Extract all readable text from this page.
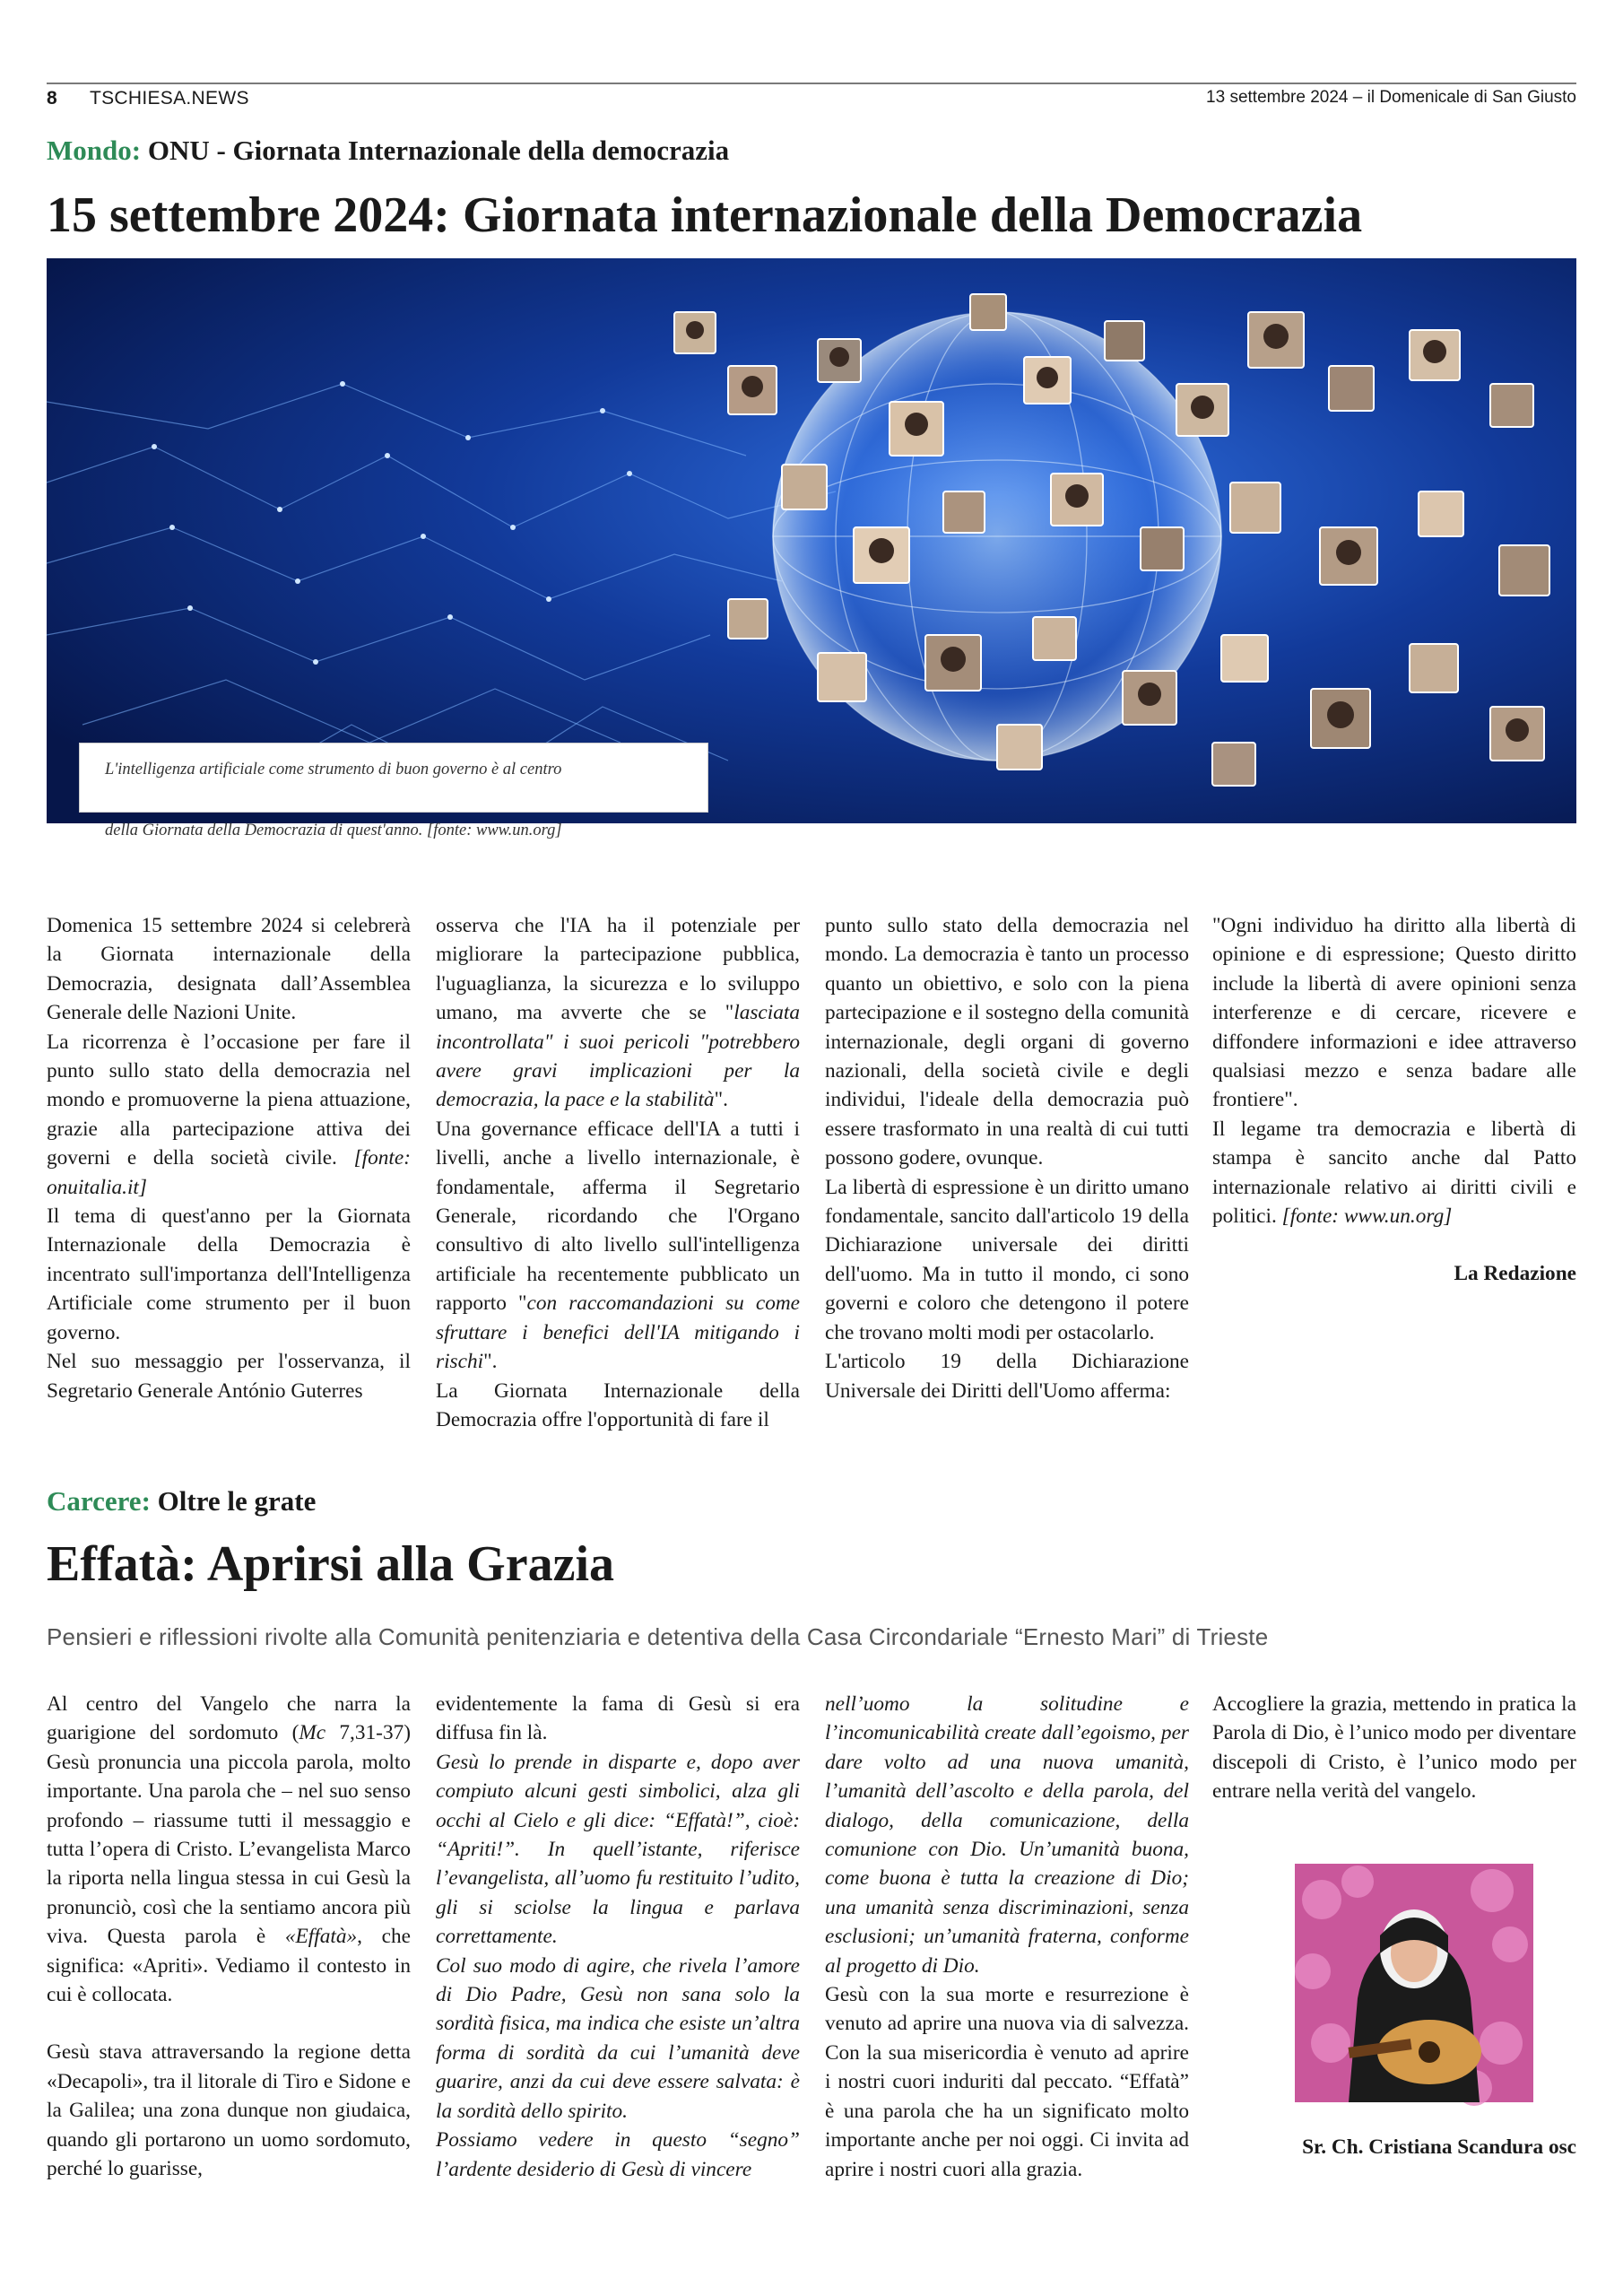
8 TSCHIESA.NEWS	13 settembre 2024 – il Domenicale di San Giusto
Mondo: ONU - Giornata Internazionale della democrazia
15 settembre 2024: Giornata internazionale della Democrazia
L'intelligenza artificiale come strumento di buon governo è al centro

della Giornata della Democrazia di quest'anno. [fonte: www.un.org]

Domenica 15 settembre 2024 si celebrerà la Giornata internazionale della Democrazia, designata dall’Assemblea Generale delle Nazioni Unite.

La ricorrenza è l’occasione per fare il punto sullo stato della democrazia nel mondo e promuoverne la piena attuazione, grazie alla partecipazione attiva dei governi e della società civile. [fonte: onuitalia.it]

Il tema di quest'anno per la Giornata Internazionale della Democrazia è incentrato sull'importanza dell'Intelligenza Artificiale come strumento per il buon governo.

Nel suo messaggio per l'osservanza, il Segretario Generale António Guterres

osserva che l'IA ha il potenziale per migliorare la partecipazione pubblica, l'uguaglianza, la sicurezza e lo sviluppo umano, ma avverte che se "lasciata incontrollata" i suoi pericoli "potrebbero avere gravi implicazioni per la democrazia, la pace e la stabilità".

Una governance efficace dell'IA a tutti i livelli, anche a livello internazionale, è fondamentale, afferma il Segretario Generale, ricordando che l'Organo consultivo di alto livello sull'intelligenza artificiale ha recentemente pubblicato un rapporto "con raccomandazioni su come sfruttare i benefici dell'IA mitigando i rischi".

La Giornata Internazionale della Democrazia offre l'opportunità di fare il

punto sullo stato della democrazia nel mondo. La democrazia è tanto un processo quanto un obiettivo, e solo con la piena partecipazione e il sostegno della comunità internazionale, degli organi di governo nazionali, della società civile e degli individui, l'ideale della democrazia può essere trasformato in una realtà di cui tutti possono godere, ovunque.

La libertà di espressione è un diritto umano fondamentale, sancito dall'articolo 19 della Dichiarazione universale dei diritti dell'uomo. Ma in tutto il mondo, ci sono governi e coloro che detengono il potere che trovano molti modi per ostacolarlo.

L'articolo 19 della Dichiarazione Universale dei Diritti dell'Uomo afferma:

"Ogni individuo ha diritto alla libertà di opinione e di espressione; Questo diritto include la libertà di avere opinioni senza interferenze e di cercare, ricevere e diffondere informazioni e idee attraverso qualsiasi mezzo e senza badare alle frontiere".

Il legame tra democrazia e libertà di stampa è sancito anche dal Patto internazionale relativo ai diritti civili e politici. [fonte: www.un.org]

La Redazione

Carcere: Oltre le grate
Effatà: Aprirsi alla Grazia
Pensieri e riflessioni rivolte alla Comunità penitenziaria e detentiva della Casa Circondariale “Ernesto Mari” di Trieste

Al centro del Vangelo che narra la guarigione del sordomuto (Mc 7,31-37) Gesù pronuncia una piccola parola, molto importante. Una parola che – nel suo senso profondo – riassume tutti il messaggio e tutta l’opera di Cristo. L’evangelista Marco la riporta nella lingua stessa in cui Gesù la pronunciò, così che la sentiamo ancora più viva. Questa parola è «Effatà», che significa: «Apriti». Vediamo il contesto in cui è collocata.

Gesù stava attraversando la regione detta «Decapoli», tra il litorale di Tiro e Sidone e la Galilea; una zona dunque non giudaica, quando gli portarono un uomo sordomuto, perché lo guarisse,

evidentemente la fama di Gesù si era diffusa fin là.

Gesù lo prende in disparte e, dopo aver compiuto alcuni gesti simbolici, alza gli occhi al Cielo e gli dice: “Effatà!”, cioè: “Apriti!”. In quell’istante, riferisce l’evangelista, all’uomo fu restituito l’udito, gli si sciolse la lingua e parlava correttamente.

Col suo modo di agire, che rivela l’amore di Dio Padre, Gesù non sana solo la sordità fisica, ma indica che esiste un’altra forma di sordità da cui l’umanità deve guarire, anzi da cui deve essere salvata: è la sordità dello spirito.

Possiamo vedere in questo “segno” l’ardente desiderio di Gesù di vincere

nell’uomo la solitudine e l’incomunicabilità create dall’egoismo, per dare volto ad una nuova umanità, l’umanità dell’ascolto e della parola, del dialogo, della comunicazione, della comunione con Dio. Un’umanità buona, come buona è tutta la creazione di Dio; una umanità senza discriminazioni, senza esclusioni; un’umanità fraterna, conforme al progetto di Dio.

Gesù con la sua morte e resurrezione è venuto ad aprire una nuova via di salvezza. Con la sua misericordia è venuto ad aprire i nostri cuori induriti dal peccato. “Effatà” è una parola che ha un significato molto importante anche per noi oggi. Ci invita ad aprire i nostri cuori alla grazia.

Accogliere la grazia, mettendo in pratica la Parola di Dio, è l’unico modo per diventare discepoli di Cristo, è l’unico modo per entrare nella verità del vangelo.

Sr. Ch. Cristiana Scandura osc
